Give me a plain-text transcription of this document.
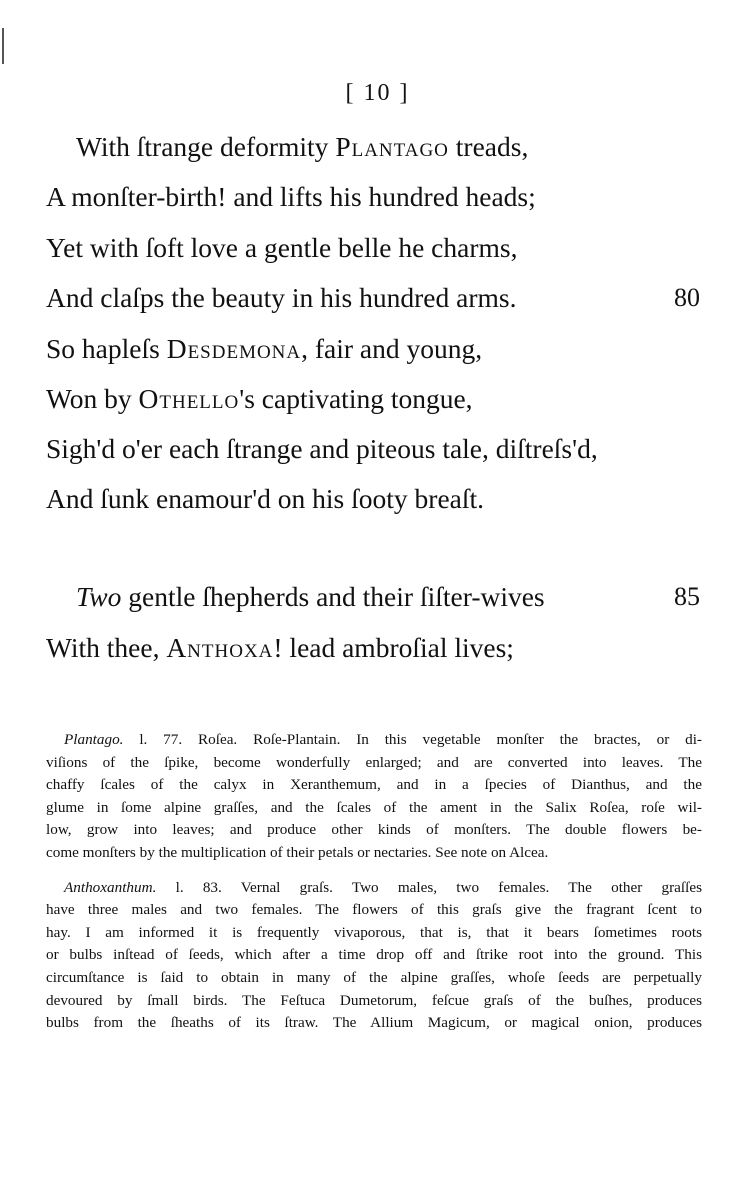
[ 10 ]
With ſtrange deformity Plantago treads,
A monſter-birth! and lifts his hundred heads;
Yet with ſoft love a gentle belle he charms,
And claſps the beauty in his hundred arms.	80
So hapleſs Desdemona, fair and young,
Won by Othello's captivating tongue,
Sigh'd o'er each ſtrange and piteous tale, diſtreſs'd,
And ſunk enamour'd on his ſooty breaſt.
Two gentle ſhepherds and their ſiſter-wives	85
With thee, Anthoxa! lead ambroſial lives;
Plantago. l. 77. Roſea. Roſe-Plantain. In this vegetable monſter the bractes, or di-
viſions of the ſpike, become wonderfully enlarged; and are converted into leaves. The
chaffy ſcales of the calyx in Xeranthemum, and in a ſpecies of Dianthus, and the
glume in ſome alpine graſſes, and the ſcales of the ament in the Salix Roſea, roſe wil-
low, grow into leaves; and produce other kinds of monſters. The double flowers be-
come monſters by the multiplication of their petals or nectaries. See note on Alcea.
Anthoxanthum. l. 83. Vernal graſs. Two males, two females. The other graſſes
have three males and two females. The flowers of this graſs give the fragrant ſcent to
hay. I am informed it is frequently vivaporous, that is, that it bears ſometimes roots
or bulbs inſtead of ſeeds, which after a time drop off and ſtrike root into the ground. This
circumſtance is ſaid to obtain in many of the alpine graſſes, whoſe ſeeds are perpetually
devoured by ſmall birds. The Feſtuca Dumetorum, feſcue graſs of the buſhes, produces
bulbs from the ſheaths of its ſtraw. The Allium Magicum, or magical onion, produces
